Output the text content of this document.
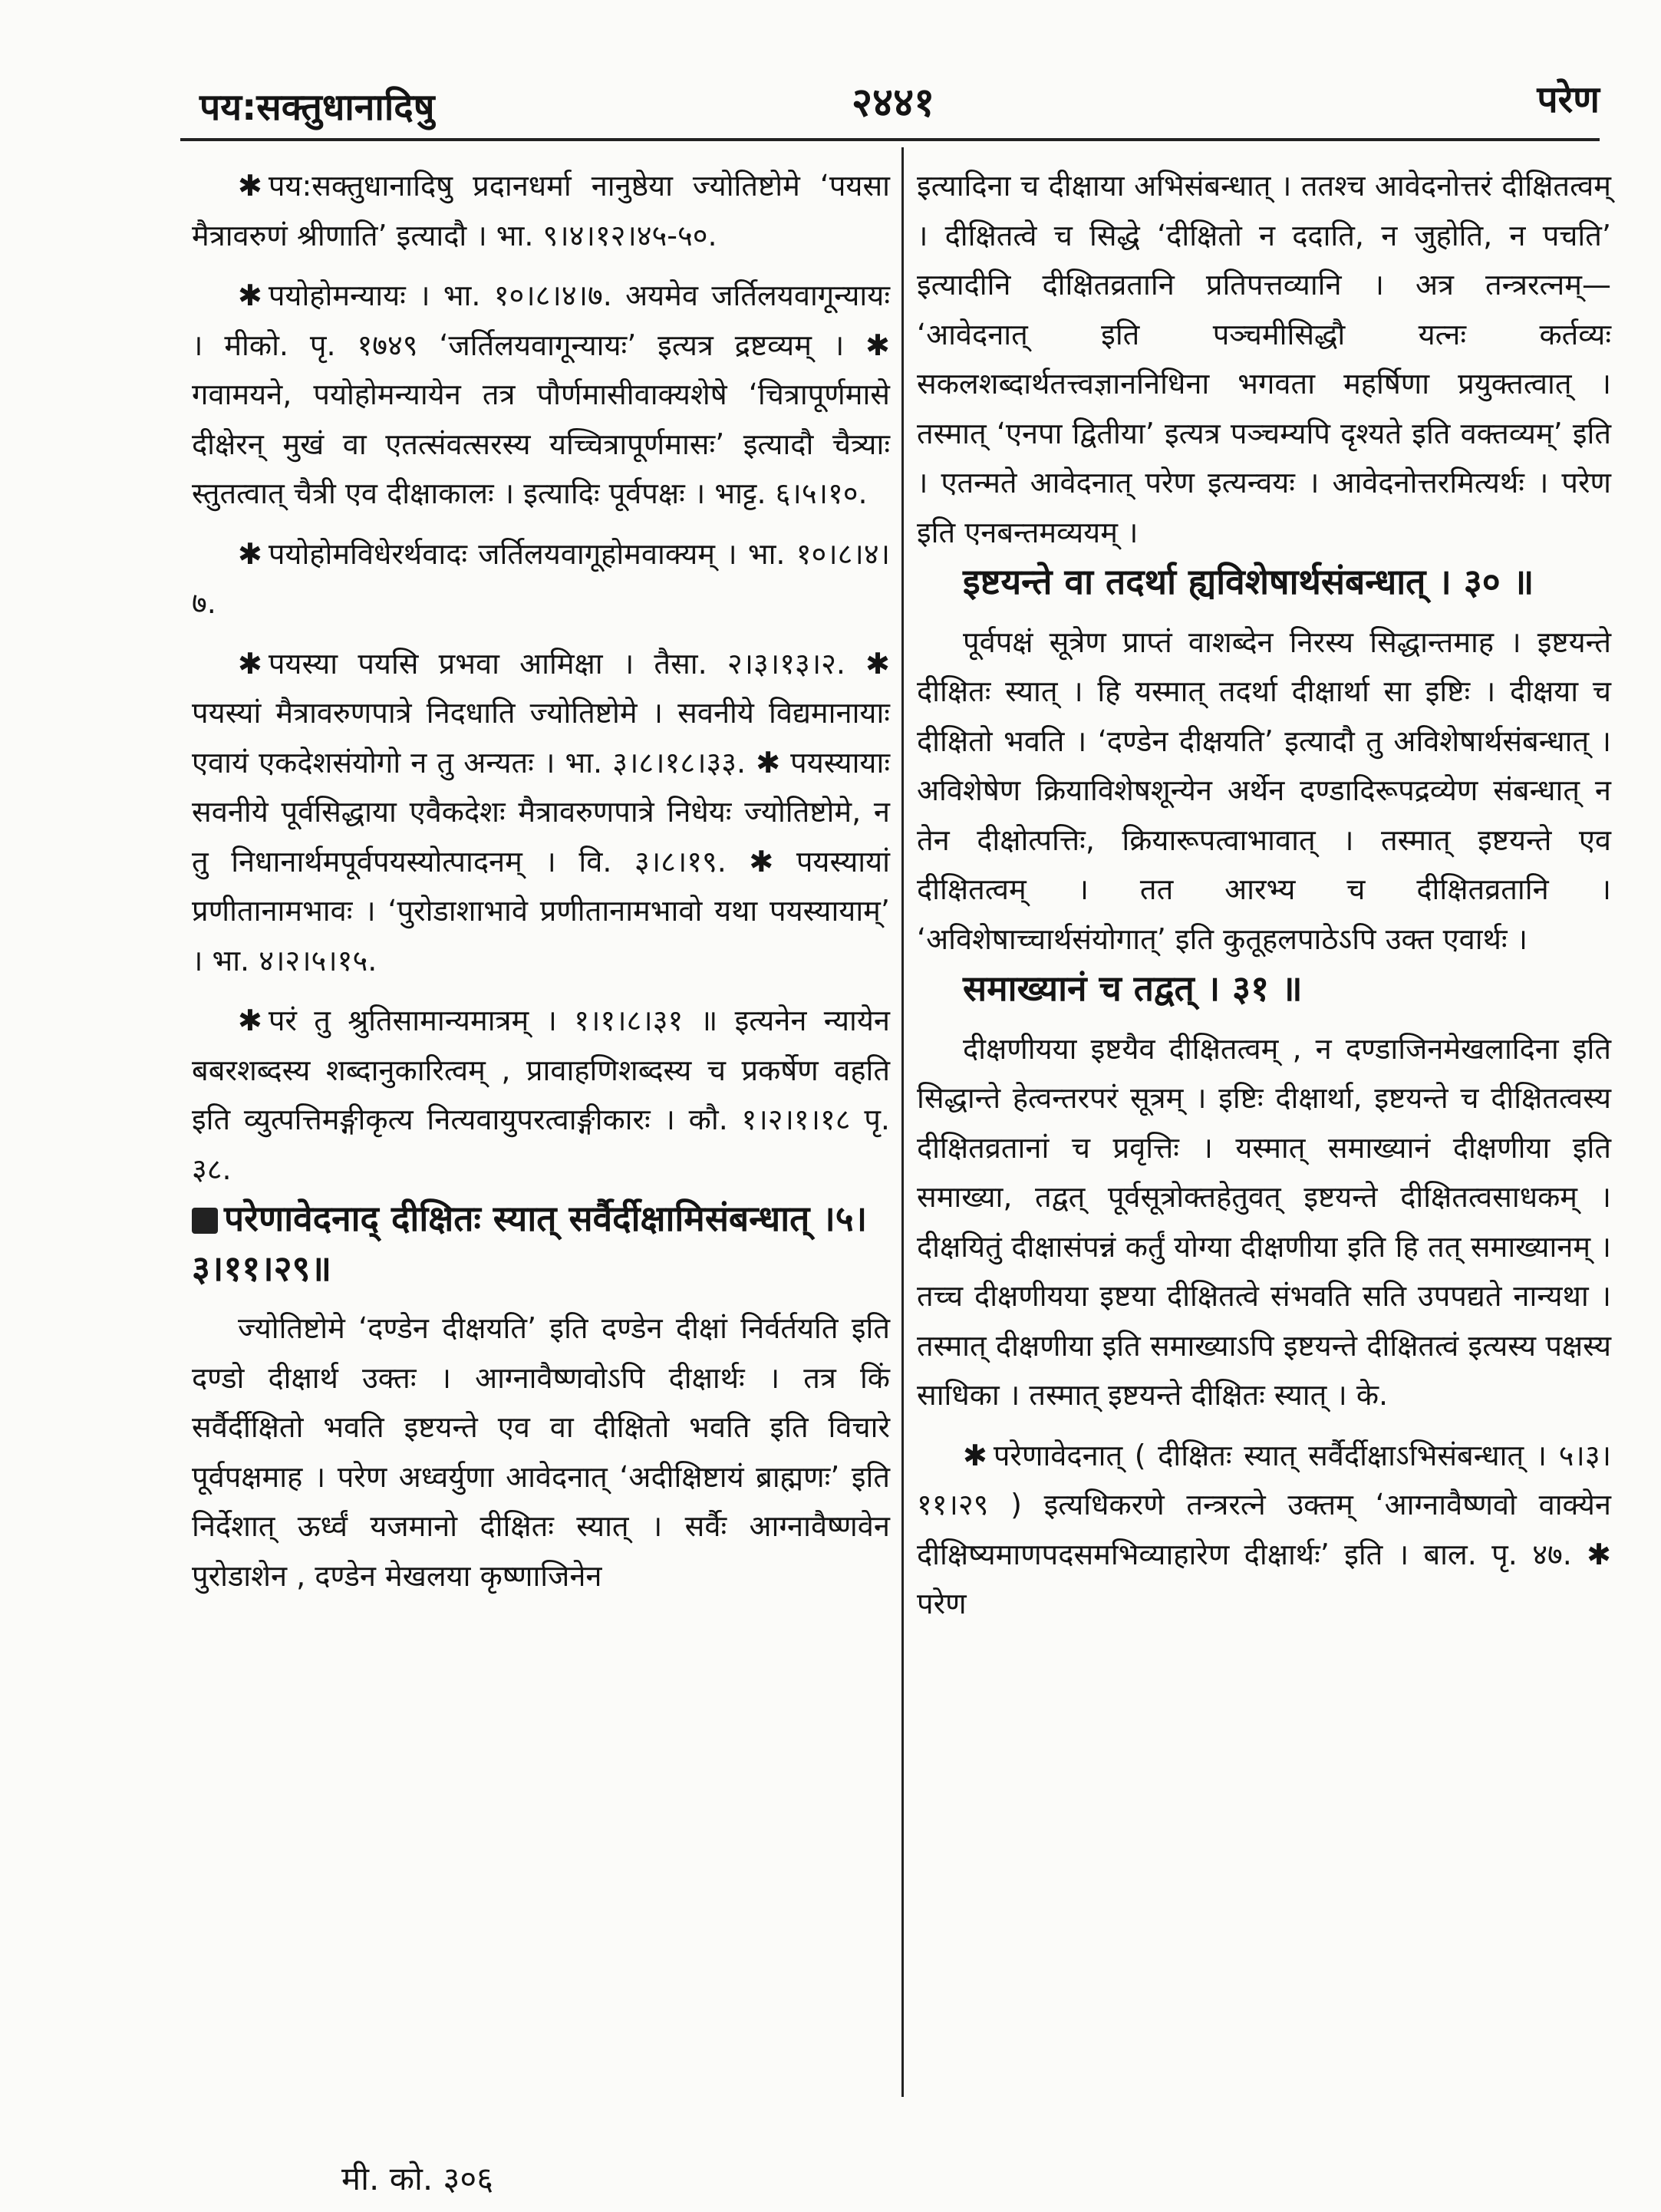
पय:सक्तुधानादिषु	२४४१	परेण

✱ पय:सक्तुधानादिषु प्रदानधर्मा नानुष्ठेया ज्योतिष्टोमे ‘पयसा मैत्रावरुणं श्रीणाति’ इत्यादौ । भा. ९।४।१२।४५-५०.

✱ पयोहोमन्यायः । भा. १०।८।४।७. अयमेव जर्तिलयवागून्यायः । मीको. पृ. १७४९ ‘जर्तिलयवागून्यायः’ इत्यत्र द्रष्टव्यम् । ✱ गवामयने, पयोहोमन्यायेन तत्र पौर्णमासीवाक्यशेषे ‘चित्रापूर्णमासे दीक्षेरन् मुखं वा एतत्संवत्सरस्य यच्चित्रापूर्णमासः’ इत्यादौ चैत्र्याः स्तुतत्वात् चैत्री एव दीक्षाकालः । इत्यादिः पूर्वपक्षः । भाट्ट. ६।५।१०.

✱ पयोहोमविधेरर्थवादः जर्तिलयवागूहोमवाक्यम् । भा. १०।८।४।७.

✱ पयस्या पयसि प्रभवा आमिक्षा । तैसा. २।३।१३।२. ✱ पयस्यां मैत्रावरुणपात्रे निदधाति ज्योतिष्टोमे । सवनीये विद्यमानायाः एवायं एकदेशसंयोगो न तु अन्यतः । भा. ३।८।१८।३३. ✱ पयस्यायाः सवनीये पूर्वसिद्धाया एवैकदेशः मैत्रावरुणपात्रे निधेयः ज्योतिष्टोमे, न तु निधानार्थमपूर्वपयस्योत्पादनम् । वि. ३।८।१९. ✱ पयस्यायां प्रणीतानामभावः । ‘पुरोडाशाभावे प्रणीतानामभावो यथा पयस्यायाम्’ । भा. ४।२।५।१५.

✱ परं तु श्रुतिसामान्यमात्रम् । १।१।८।३१ ॥ इत्यनेन न्यायेन बबरशब्दस्य शब्दानुकारित्वम् , प्रावाहणिशब्दस्य च प्रकर्षेण वहति इति व्युत्पत्तिमङ्गीकृत्य नित्यवायुपरत्वाङ्गीकारः । कौ. १।२।१।१८ पृ. ३८.

परेणावेदनाद् दीक्षितः स्यात् सर्वैर्दीक्षामिसंबन्धात् ।५।३।११।२९॥

ज्योतिष्टोमे ‘दण्डेन दीक्षयति’ इति दण्डेन दीक्षां निर्वर्तयति इति दण्डो दीक्षार्थ उक्तः । आग्नावैष्णवोऽपि दीक्षार्थः । तत्र किं सर्वैर्दीक्षितो भवति इष्टयन्ते एव वा दीक्षितो भवति इति विचारे पूर्वपक्षमाह । परेण अध्वर्युणा आवेदनात् ‘अदीक्षिष्टायं ब्राह्मणः’ इति निर्देशात् ऊर्ध्वं यजमानो दीक्षितः स्यात् । सर्वैः आग्नावैष्णवेन पुरोडाशेन , दण्डेन मेखलया कृष्णाजिनेन

इत्यादिना च दीक्षाया अभिसंबन्धात् । ततश्च आवेदनोत्तरं दीक्षितत्वम् । दीक्षितत्वे च सिद्धे ‘दीक्षितो न ददाति, न जुहोति, न पचति’ इत्यादीनि दीक्षितव्रतानि प्रतिपत्तव्यानि । अत्र तन्त्ररत्नम्— ‘आवेदनात् इति पञ्चमीसिद्धौ यत्नः कर्तव्यः सकलशब्दार्थतत्त्वज्ञाननिधिना भगवता महर्षिणा प्रयुक्तत्वात् । तस्मात् ‘एनपा द्वितीया’ इत्यत्र पञ्चम्यपि दृश्यते इति वक्तव्यम्’ इति । एतन्मते आवेदनात् परेण इत्यन्वयः । आवेदनोत्तरमित्यर्थः । परेण इति एनबन्तमव्ययम् ।

इष्टयन्ते वा तदर्था ह्यविशेषार्थसंबन्धात् । ३० ॥

पूर्वपक्षं सूत्रेण प्राप्तं वाशब्देन निरस्य सिद्धान्तमाह । इष्टयन्ते दीक्षितः स्यात् । हि यस्मात् तदर्था दीक्षार्था सा इष्टिः । दीक्षया च दीक्षितो भवति । ‘दण्डेन दीक्षयति’ इत्यादौ तु अविशेषार्थसंबन्धात् । अविशेषेण क्रियाविशेषशून्येन अर्थेन दण्डादिरूपद्रव्येण संबन्धात् न तेन दीक्षोत्पत्तिः, क्रियारूपत्वाभावात् । तस्मात् इष्टयन्ते एव दीक्षितत्वम् । तत आरभ्य च दीक्षितव्रतानि । ‘अविशेषाच्चार्थसंयोगात्’ इति कुतूहलपाठेऽपि उक्त एवार्थः ।

समाख्यानं च तद्वत् । ३१ ॥

दीक्षणीयया इष्टयैव दीक्षितत्वम् , न दण्डाजिनमेखलादिना इति सिद्धान्ते हेत्वन्तरपरं सूत्रम् । इष्टिः दीक्षार्था, इष्टयन्ते च दीक्षितत्वस्य दीक्षितव्रतानां च प्रवृत्तिः । यस्मात् समाख्यानं दीक्षणीया इति समाख्या, तद्वत् पूर्वसूत्रोक्तहेतुवत् इष्टयन्ते दीक्षितत्वसाधकम् । दीक्षयितुं दीक्षासंपन्नं कर्तुं योग्या दीक्षणीया इति हि तत् समाख्यानम् । तच्च दीक्षणीयया इष्टया दीक्षितत्वे संभवति सति उपपद्यते नान्यथा । तस्मात् दीक्षणीया इति समाख्याऽपि इष्टयन्ते दीक्षितत्वं इत्यस्य पक्षस्य साधिका । तस्मात् इष्टयन्ते दीक्षितः स्यात् । के.

✱ परेणावेदनात् ( दीक्षितः स्यात् सर्वैर्दीक्षाऽभिसंबन्धात् । ५।३।११।२९ ) इत्यधिकरणे तन्त्ररत्ने उक्तम् ‘आग्नावैष्णवो वाक्येन दीक्षिष्यमाणपदसमभिव्याहारेण दीक्षार्थः’ इति । बाल. पृ. ४७. ✱ परेण

मी. को. ३०६
